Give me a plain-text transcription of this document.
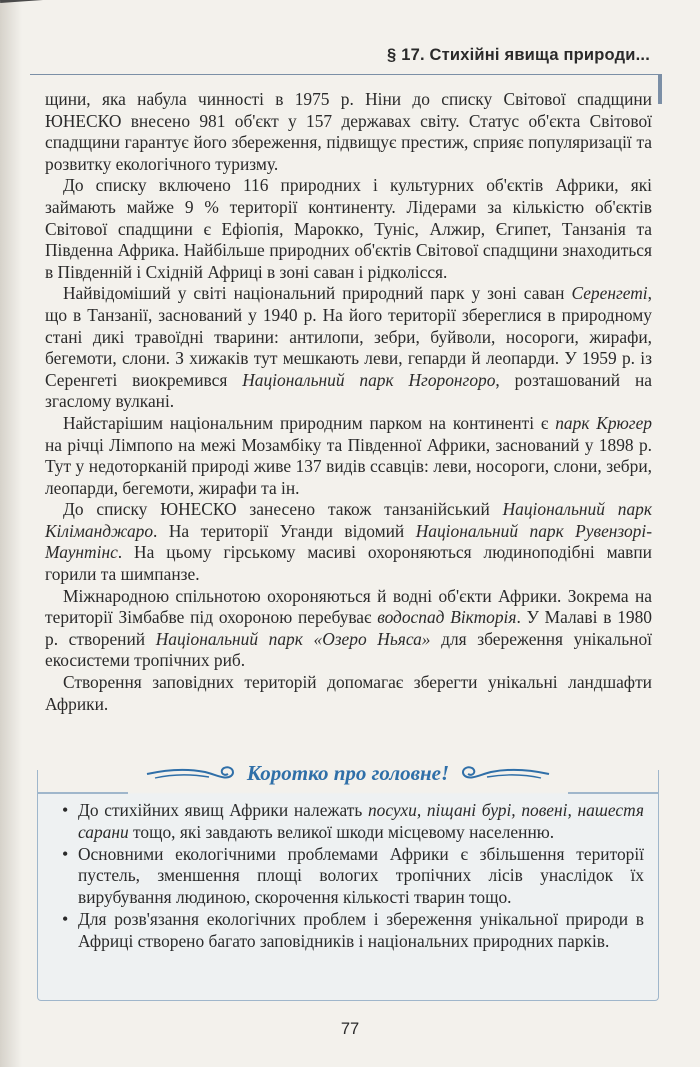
§ 17. Стихійні явища природи...

щини, яка набула чинності в 1975 р. Ніни до списку Світової спадщини ЮНЕСКО внесено 981 об'єкт у 157 державах світу. Статус об'єкта Світової спадщини гарантує його збереження, підвищує престиж, сприяє популяризації та розвитку екологічного туризму.

До списку включено 116 природних і культурних об'єктів Африки, які займають майже 9 % території континенту. Лідерами за кількістю об'єктів Світової спадщини є Ефіопія, Марокко, Туніс, Алжир, Єгипет, Танзанія та Південна Африка. Найбільше природних об'єктів Світової спадщини знаходиться в Південній і Східній Африці в зоні саван і рідколісся.

Найвідоміший у світі національний природний парк у зоні саван Серенгеті, що в Танзанії, заснований у 1940 р. На його території збереглися в природному стані дикі травоїдні тварини: антилопи, зебри, буйволи, носороги, жирафи, бегемоти, слони. З хижаків тут мешкають леви, гепарди й леопарди. У 1959 р. із Серенгеті виокремився Національний парк Нгоронгоро, розташований на згаслому вулкані.

Найстарішим національним природним парком на континенті є парк Крюгер на річці Лімпопо на межі Мозамбіку та Південної Африки, заснований у 1898 р. Тут у недоторканій природі живе 137 видів ссавців: леви, носороги, слони, зебри, леопарди, бегемоти, жирафи та ін.

До списку ЮНЕСКО занесено також танзанійський Національний парк Кіліманджаро. На території Уганди відомий Національний парк Рувензорі-Маунтінс. На цьому гірському масиві охороняються людиноподібні мавпи горили та шимпанзе.

Міжнародною спільнотою охороняються й водні об'єкти Африки. Зокрема на території Зімбабве під охороною перебуває водоспад Вікторія. У Малаві в 1980 р. створений Національний парк «Озеро Ньяса» для збереження унікальної екосистеми тропічних риб.

Створення заповідних територій допомагає зберегти унікальні ландшафти Африки.

Коротко про головне!
• До стихійних явищ Африки належать посухи, піщані бурі, повені, нашестя сарани тощо, які завдають великої шкоди місцевому населенню.
• Основними екологічними проблемами Африки є збільшення території пустель, зменшення площі вологих тропічних лісів унаслідок їх вирубування людиною, скорочення кількості тварин тощо.
• Для розв'язання екологічних проблем і збереження унікальної природи в Африці створено багато заповідників і національних природних парків.
77
